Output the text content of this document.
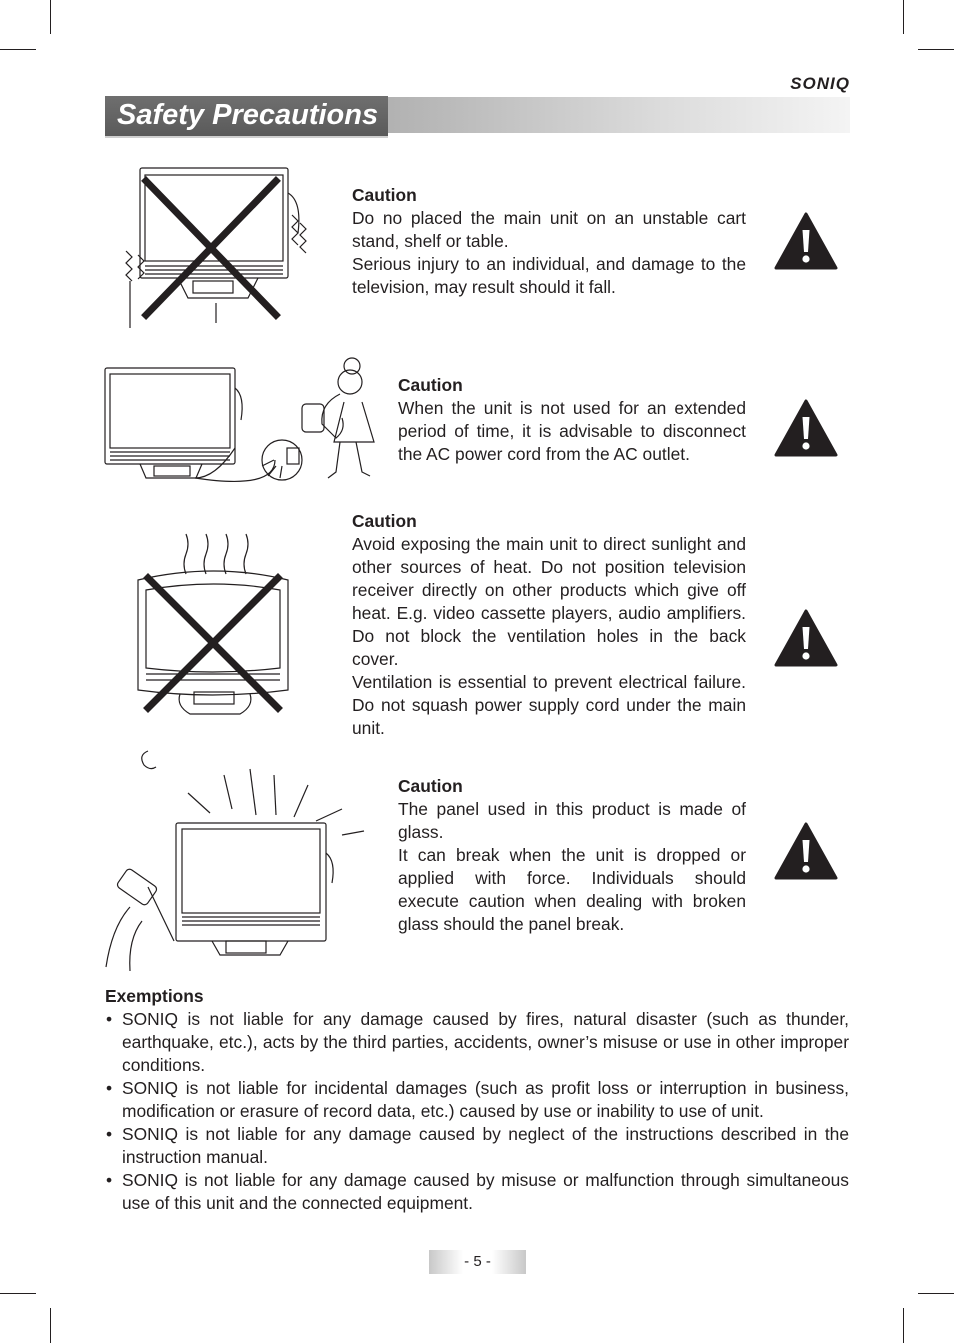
SONIQ
Safety Precautions
Caution
Do no placed the main unit on an unstable cart stand, shelf or table.
Serious injury to an individual, and damage to the television, may result should it fall.
Caution
When the unit is not used for an extended period of time, it is advisable to disconnect the AC power cord from the AC outlet.
Caution
Avoid exposing the main unit to direct sunlight and other sources of heat. Do not position television receiver directly on other products which give off heat. E.g. video cassette players, audio amplifiers. Do not block the ventilation holes in the back cover.
Ventilation is essential to prevent electrical failure. Do not squash power supply cord under the main unit.
Caution
The panel used in this product is made of glass.
It can break when the unit is dropped or applied with force. Individuals should execute caution when dealing with broken glass should the panel break.
Exemptions
• SONIQ is not liable for any damage caused by fires, natural disaster (such as thunder, earthquake, etc.), acts by the third parties, accidents, owner’s misuse or use in other improper conditions.
• SONIQ is not liable for incidental damages (such as profit loss or interruption in business, modification or erasure of record data, etc.) caused by use or inability to use of unit.
• SONIQ is not liable for any damage caused by neglect of the instructions described in the instruction manual.
• SONIQ is not liable for any damage caused by misuse or malfunction through simultaneous use of this unit and the connected equipment.
- 5 -
